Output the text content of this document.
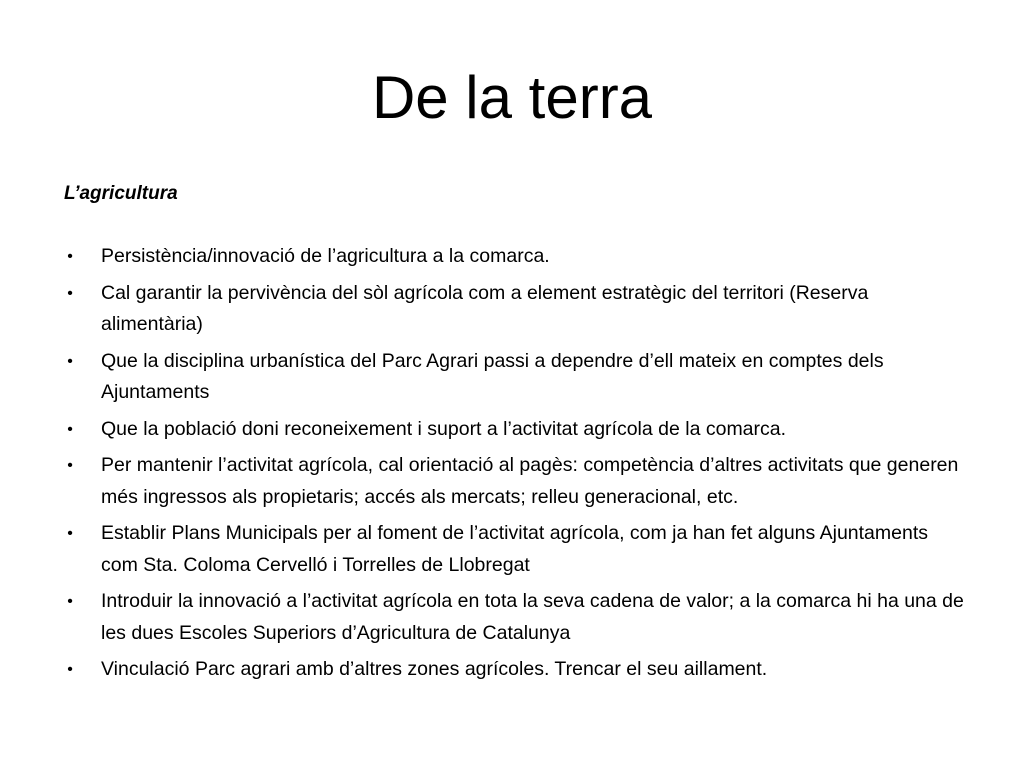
De la terra

L’agricultura

• Persistència/innovació de l’agricultura a la comarca.
• Cal garantir la pervivència del sòl agrícola com a element estratègic del territori (Reserva alimentària)
• Que la disciplina urbanística del Parc Agrari passi a dependre d’ell mateix en comptes dels Ajuntaments
• Que la població doni reconeixement i suport a l’activitat agrícola de la comarca.
• Per mantenir l’activitat agrícola, cal orientació al pagès: competència d’altres activitats que generen més ingressos als propietaris; accés als mercats; relleu generacional, etc.
• Establir Plans Municipals per al foment de l’activitat agrícola, com ja han fet alguns Ajuntaments com Sta. Coloma Cervelló i Torrelles de Llobregat
• Introduir la innovació a l’activitat agrícola en tota la seva cadena de valor; a la comarca hi ha una de les dues Escoles Superiors d’Agricultura de Catalunya
• Vinculació Parc agrari amb d’altres zones agrícoles. Trencar el seu aillament.
